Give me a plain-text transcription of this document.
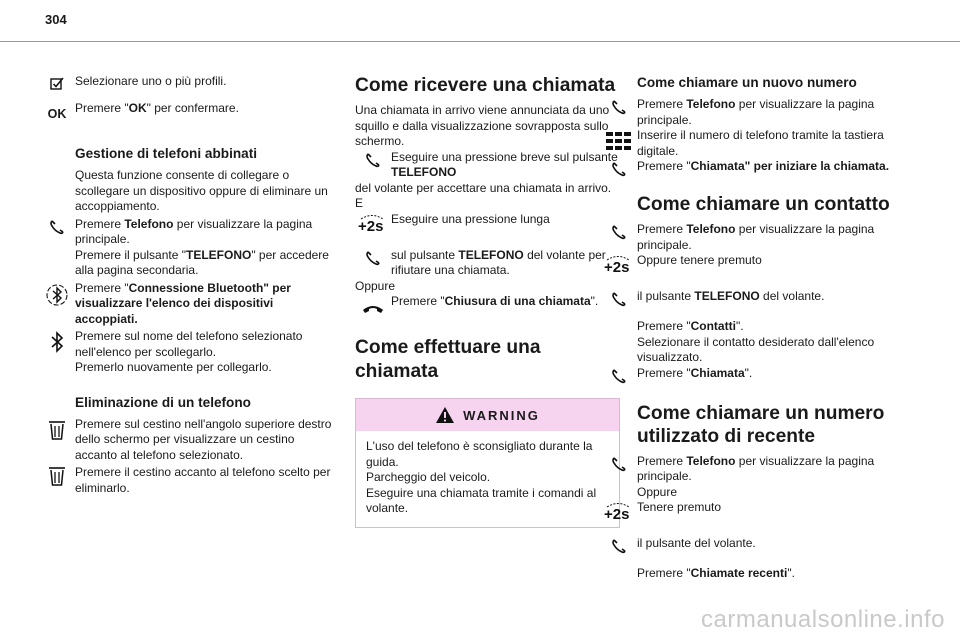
304
Selezionare uno o più profili.
OK Premere "OK" per confermare.
Gestione di telefoni abbinati
Questa funzione consente di collegare o scollegare un dispositivo oppure di eliminare un accoppiamento.
Premere Telefono per visualizzare la pagina principale.
Premere il pulsante "TELEFONO" per accedere alla pagina secondaria.
Premere "Connessione Bluetooth" per visualizzare l'elenco dei dispositivi accoppiati.
Premere sul nome del telefono selezionato nell'elenco per scollegarlo.
Premerlo nuovamente per collegarlo.
Eliminazione di un telefono
Premere sul cestino nell'angolo superiore destro dello schermo per visualizzare un cestino accanto al telefono selezionato.
Premere il cestino accanto al telefono scelto per eliminarlo.
Come ricevere una chiamata
Una chiamata in arrivo viene annunciata da uno squillo e dalla visualizzazione sovrapposta sullo schermo.
Eseguire una pressione breve sul pulsante TELEFONO
del volante per accettare una chiamata in arrivo.
E
+2s Eseguire una pressione lunga
sul pulsante TELEFONO del volante per rifiutare una chiamata.
Oppure
Premere "Chiusura di una chiamata".
Come effettuare una chiamata
WARNING
L'uso del telefono è sconsigliato durante la guida.
Parcheggio del veicolo.
Eseguire una chiamata tramite i comandi al volante.
Come chiamare un nuovo numero
Premere Telefono per visualizzare la pagina principale.
Inserire il numero di telefono tramite la tastiera digitale.
Premere "Chiamata" per iniziare la chiamata.
Come chiamare un contatto
Premere Telefono per visualizzare la pagina principale.
+2s Oppure tenere premuto
il pulsante TELEFONO del volante.
Premere "Contatti".
Selezionare il contatto desiderato dall'elenco visualizzato.
Premere "Chiamata".
Come chiamare un numero utilizzato di recente
Premere Telefono per visualizzare la pagina principale.
Oppure
+2s Tenere premuto
il pulsante del volante.
Premere "Chiamate recenti".
carmanualsonline.info
